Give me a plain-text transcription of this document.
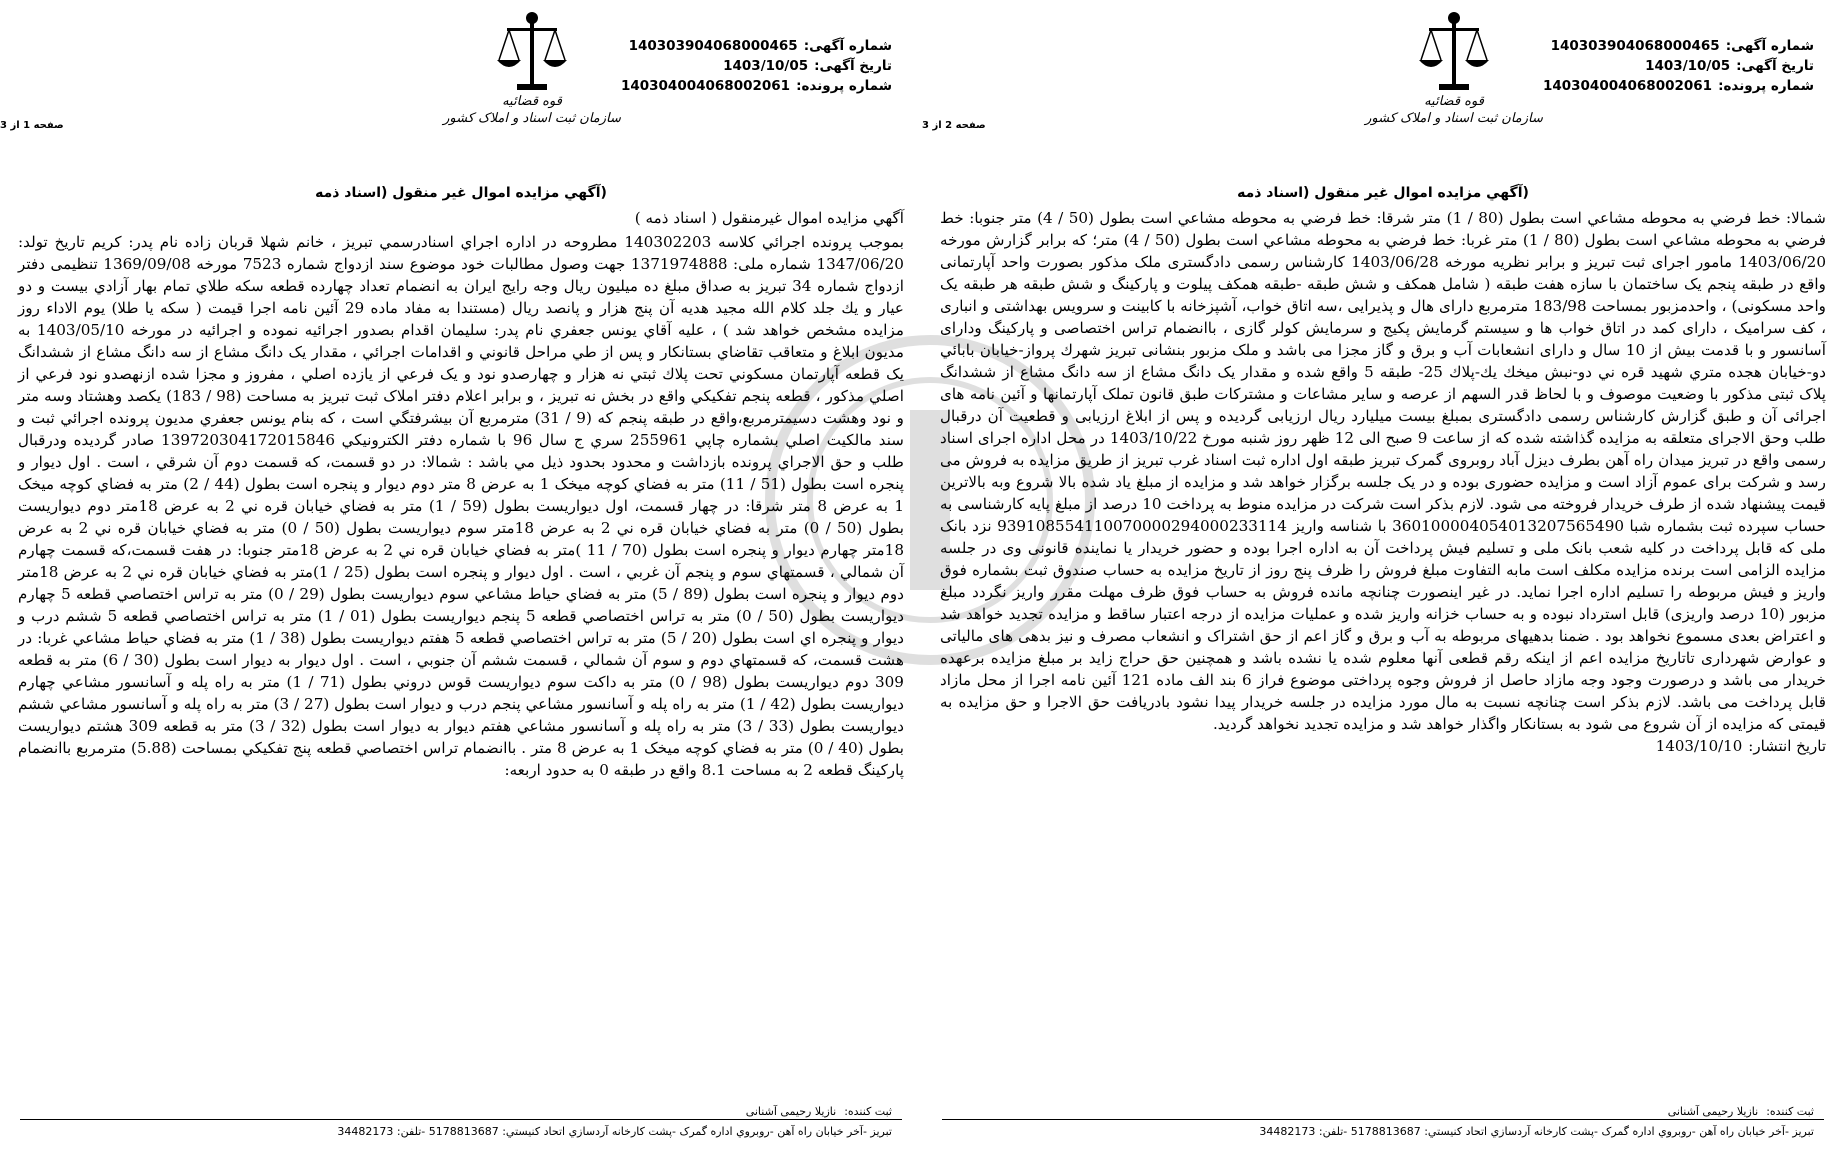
شماره آگهی:140303904068000465
تاریخ آگهی:1403/10/05
شماره پرونده:140304004068002061
قوه قضائيه
سازمان ثبت اسناد و املاک کشور
صفحه 2 از 3
(آگهي مزايده اموال غير منقول (اسناد ذمه

شمالا: خط فرضي به محوطه مشاعي است بطول (80 / 1) متر شرقا: خط فرضي به محوطه مشاعي است بطول (50 / 4) متر جنوبا: خط فرضي به محوطه مشاعي است بطول (80 / 1) متر غربا: خط فرضي به محوطه مشاعي است بطول (50 / 4) متر؛ كه برابر گزارش مورخه 1403/06/20 مامور اجرای ثبت تبریز و برابر نظریه مورخه 1403/06/28 کارشناس رسمی دادگستری ملک مذکور بصورت واحد آپارتمانی واقع در طبقه پنجم یک ساختمان با سازه هفت طبقه ( شامل همکف و شش طبقه -طبقه همکف پیلوت و پارکینگ و شش طبقه هر طبقه یک واحد مسکونی) ، واحدمزبور بمساحت 183/98 مترمربع دارای هال و پذیرایی ،سه اتاق خواب، آشپزخانه با کابینت و سرویس بهداشتی و انباری ، کف سرامیک ، دارای کمد در اتاق خواب ها و سیستم گرمایش پکیج و سرمایش کولر گازی ، باانضمام تراس اختصاصی و پارکینگ ودارای آسانسور و با قدمت بیش از 10 سال و دارای انشعابات آب و برق و گاز مجزا می باشد و ملک مزبور بنشانی تبریز شهرك پرواز-خيابان بابائي دو-خيابان هجده متري شهيد قره ني دو-نبش ميخك يك-پلاك 25- طبقه 5 واقع شده و مقدار یک دانگ مشاع از سه دانگ مشاع از ششدانگ پلاک ثبتی مذکور با وضعیت موصوف و با لحاظ قدر السهم از عرصه و سایر مشاعات و مشترکات طبق قانون تملک آپارتمانها و آئین نامه های اجرائی آن و طبق گزارش کارشناس رسمی دادگستری بمبلغ بیست میلیارد ریال ارزیابی گردیده و پس از ابلاغ ارزیابی و قطعیت آن درقبال طلب وحق الاجرای متعلقه به مزایده گذاشته شده که از ساعت 9 صبح الی 12 ظهر روز شنبه مورخ 1403/10/22 در محل اداره اجرای اسناد رسمی واقع در تبریز میدان راه آهن بطرف دیزل آباد روبروی گمرک تبریز طبقه اول اداره ثبت اسناد غرب تبریز از طریق مزایده به فروش می رسد و شرکت برای عموم آزاد است و مزایده حضوری بوده و در یک جلسه برگزار خواهد شد و مزایده از مبلغ یاد شده بالا شروع وبه بالاترین قیمت پیشنهاد شده از طرف خریدار فروخته می شود. لازم بذکر است شرکت در مزایده منوط به پرداخت 10 درصد از مبلغ پایه کارشناسی به حساب سپرده ثبت بشماره شبا 360100004054013207565490 با شناسه واریز 939108554110070000294000233114 نزد بانک ملی که قابل پرداخت در کلیه شعب بانک ملی و تسلیم فیش پرداخت آن به اداره اجرا بوده و حضور خریدار یا نماینده قانونی وی در جلسه مزایده الزامی است برنده مزایده مکلف است مابه التفاوت مبلغ فروش را ظرف پنج روز از تاریخ مزایده به حساب صندوق ثبت بشماره فوق واریز و فیش مربوطه را تسلیم اداره اجرا نماید. در غیر اینصورت چنانچه مانده فروش به حساب فوق ظرف مهلت مقرر واریز نگردد مبلغ مزبور (10 درصد واریزی) قابل استرداد نبوده و به حساب خزانه واریز شده و عملیات مزایده از درجه اعتبار ساقط و مزایده تجدید خواهد شد و اعتراض بعدی مسموع نخواهد بود . ضمنا بدهیهای مربوطه به آب و برق و گاز اعم از حق اشتراک و انشعاب مصرف و نیز بدهی های مالیاتی و عوارض شهرداری تاتاریخ مزایده اعم از اینکه رقم قطعی آنها معلوم شده یا نشده باشد و همچنین حق حراج زاید بر مبلغ مزایده برعهده خریدار می باشد و درصورت وجود وجه مازاد حاصل از فروش وجوه پرداختی موضوع فراز 6 بند الف ماده 121 آئین نامه اجرا از محل مازاد قابل پرداخت می باشد. لازم بذکر است چنانچه نسبت به مال مورد مزایده در جلسه خریدار پیدا نشود بادریافت حق الاجرا و حق مزایده به قیمتی که مزایده از آن شروع می شود به بستانکار واگذار خواهد شد و مزایده تجدید نخواهد گردید.

تاریخ انتشار:1403/10/10
ثبت كننده:نازیلا رحیمی آشنانی
تبريز -آخر خيابان راه آهن -روبروي اداره گمرک -پشت كارخانه آردسازي اتحاد كنيستي: 5178813687 -تلفن: 34482173
شماره آگهی:140303904068000465
تاریخ آگهی:1403/10/05
شماره پرونده:140304004068002061
قوه قضائيه
سازمان ثبت اسناد و املاک کشور
صفحه 1 از 3
(آگهي مزايده اموال غير منقول (اسناد ذمه

آگهي مزايده اموال غيرمنقول ( اسناد ذمه )

بموجب پرونده اجرائي كلاسه 140302203 مطروحه در اداره اجراي اسنادرسمي تبريز ، خانم شهلا قربان زاده نام پدر: کریم تاریخ تولد: 1347/06/20 شماره ملی: 1371974888 جهت وصول مطالبات خود موضوع سند ازدواج شماره 7523 مورخه 1369/09/08 تنظیمی دفتر ازدواج شماره 34 تبریز به صداق مبلغ ده ميليون ريال وجه رايج ايران به انضمام تعداد چهارده قطعه سكه طلاي تمام بهار آزادي بيست و دو عيار و يك جلد كلام الله مجيد هديه آن پنج هزار و پانصد ريال (مستندا به مفاد ماده 29 آئين نامه اجرا قيمت ( سكه يا طلا) يوم الاداء روز مزايده مشخص خواهد شد ) ، عليه آقاي يونس جعفري نام پدر: سليمان اقدام بصدور اجرائيه نموده و اجرائيه در مورخه 1403/05/10 به مديون ابلاغ و متعاقب تقاضاي بستانكار و پس از طي مراحل قانوني و اقدامات اجرائي ، مقدار يک دانگ مشاع از سه دانگ مشاع از ششدانگ يک قطعه آپارتمان مسكوني تحت پلاك ثبتي نه هزار و چهارصدو نود و يک فرعي از يازده اصلي ، مفروز و مجزا شده ازنهصدو نود فرعي از اصلي مذكور ، قطعه پنجم تفكيكي واقع در بخش نه تبريز ، و برابر اعلام دفتر املاک ثبت تبريز به مساحت (98 / 183) يكصد وهشتاد وسه متر و نود وهشت دسيمترمربع،واقع در طبقه پنجم كه (9 / 31) مترمربع آن بيشرفتگي است ، كه بنام يونس جعفري مديون پرونده اجرائي ثبت و سند مالكيت اصلي بشماره چاپي 255961 سري ج سال 96 با شماره دفتر الكترونيكي 139720304172015846 صادر گرديده ودرقبال طلب و حق الاجراي پرونده بازداشت و محدود بحدود ذيل مي باشد : شمالا: در دو قسمت، كه قسمت دوم آن شرقي ، است . اول ديوار و پنجره است بطول (51 / 11) متر به فضاي كوچه ميخک 1 به عرض 8 متر دوم ديوار و پنجره است بطول (44 / 2) متر به فضاي كوچه ميخک 1 به عرض 8 متر شرقا: در چهار قسمت، اول ديواريست بطول (59 / 1) متر به فضاي خيابان قره ني 2 به عرض 18متر دوم ديواريست بطول (50 / 0) متر به فضاي خيابان قره ني 2 به عرض 18متر سوم ديواريست بطول (50 / 0) متر به فضاي خيابان قره ني 2 به عرض 18متر چهارم ديوار و پنجره است بطول (70 / 11 )متر به فضاي خيابان قره ني 2 به عرض 18متر جنوبا: در هفت قسمت،كه قسمت چهارم آن شمالي ، قسمتهاي سوم و پنجم آن غربي ، است . اول ديوار و پنجره است بطول (25 / 1)متر به فضاي خيابان قره ني 2 به عرض 18متر دوم ديوار و پنجره است بطول (89 / 5) متر به فضاي حياط مشاعي سوم ديواريست بطول (29 / 0) متر به تراس اختصاصي قطعه 5 چهارم ديواريست بطول (50 / 0) متر به تراس اختصاصي قطعه 5 پنجم ديواريست بطول (01 / 1) متر به تراس اختصاصي قطعه 5 ششم درب و ديوار و پنجره اي است بطول (20 / 5) متر به تراس اختصاصي قطعه 5 هفتم ديواريست بطول (38 / 1) متر به فضاي حياط مشاعي غربا: در هشت قسمت، كه قسمتهاي دوم و سوم آن شمالي ، قسمت ششم آن جنوبي ، است . اول ديوار به ديوار است بطول (30 / 6) متر به قطعه 309 دوم ديواريست بطول (98 / 0) متر به داكت سوم ديواريست قوس دروني بطول (71 / 1) متر به راه پله و آسانسور مشاعي چهارم ديواريست بطول (42 / 1) متر به راه پله و آسانسور مشاعي پنجم درب و ديوار است بطول (27 / 3) متر به راه پله و آسانسور مشاعي ششم ديواريست بطول (33 / 3) متر به راه پله و آسانسور مشاعي هفتم ديوار به ديوار است بطول (32 / 3) متر به قطعه 309 هشتم ديواريست بطول (40 / 0) متر به فضاي كوچه ميخک 1 به عرض 8 متر . باانضمام تراس اختصاصي قطعه پنج تفكيكي بمساحت (5.88) مترمربع باانضمام پاركينگ قطعه 2 به مساحت 8.1 واقع در طبقه 0 به حدود اربعه:

ثبت كننده:نازیلا رحیمی آشنانی
تبريز -آخر خيابان راه آهن -روبروي اداره گمرک -پشت كارخانه آردسازي اتحاد كنيستي: 5178813687 -تلفن: 34482173
